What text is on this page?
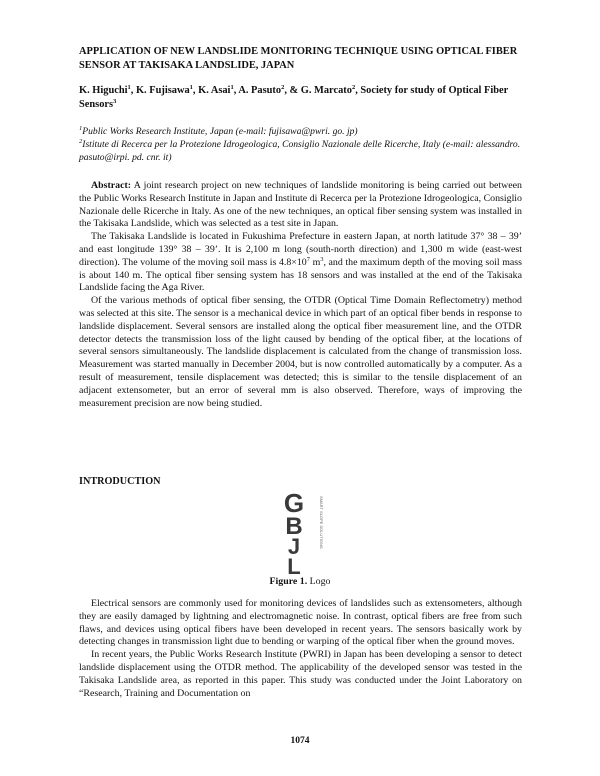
APPLICATION OF NEW LANDSLIDE MONITORING TECHNIQUE USING OPTICAL FIBER SENSOR AT TAKISAKA LANDSLIDE, JAPAN
K. Higuchi$^1$, K. Fujisawa$^1$, K. Asai$^1$, A. Pasuto$^2$, & G. Marcato$^2$, Society for study of Optical Fiber Sensors$^3$
$^1$Public Works Research Institute, Japan (e-mail: fujisawa@pwri. go. jp)
$^2$Istitute di Recerca per la Protezione Idrogeologica, Consiglio Nazionale delle Ricerche, Italy (e-mail: alessandro. pasuto@irpi. pd. cnr. it)

Abstract: A joint research project on new techniques of landslide monitoring is being carried out between the Public Works Research Institute in Japan and Institute di Recerca per la Protezione Idrogeologica, Consiglio Nazionale delle Ricerche in Italy. As one of the new techniques, an optical fiber sensing system was installed in the Takisaka Landslide, which was selected as a test site in Japan.

The Takisaka Landslide is located in Fukushima Prefecture in eastern Japan, at north latitude 37° 38 – 39’ and east longitude 139° 38 – 39’. It is 2,100 m long (south-north direction) and 1,300 m wide (east-west direction). The volume of the moving soil mass is $4.8\times 10^7$ $m^3$, and the maximum depth of the moving soil mass is about 140 m. The optical fiber sensing system has 18 sensors and was installed at the end of the Takisaka Landslide facing the Aga River.

Of the various methods of optical fiber sensing, the OTDR (Optical Time Domain Reflectometry) method was selected at this site. The sensor is a mechanical device in which part of an optical fiber bends in response to landslide displacement. Several sensors are installed along the optical fiber measurement line, and the OTDR detector detects the transmission loss of the light caused by bending of the optical fiber, at the locations of several sensors simultaneously. The landslide displacement is calculated from the change of transmission loss. Measurement was started manually in December 2004, but is now controlled automatically by a computer. As a result of measurement, tensile displacement was detected; this is similar to the tensile displacement of an adjacent extensometer, but an error of several mm is also observed. Therefore, ways of improving the measurement precision are now being studied.

INTRODUCTION
G
B
J
L
SMART SLOPE SOLUTIONS
Figure 1. Logo

Electrical sensors are commonly used for monitoring devices of landslides such as extensometers, although they are easily damaged by lightning and electromagnetic noise. In contrast, optical fibers are free from such flaws, and devices using optical fibers have been developed in recent years. The sensors basically work by detecting changes in transmission light due to bending or warping of the optical fiber when the ground moves.

In recent years, the Public Works Research Institute (PWRI) in Japan has been developing a sensor to detect landslide displacement using the OTDR method. The applicability of the developed sensor was tested in the Takisaka Landslide area, as reported in this paper. This study was conducted under the Joint Laboratory on “Research, Training and Documentation on

1074
